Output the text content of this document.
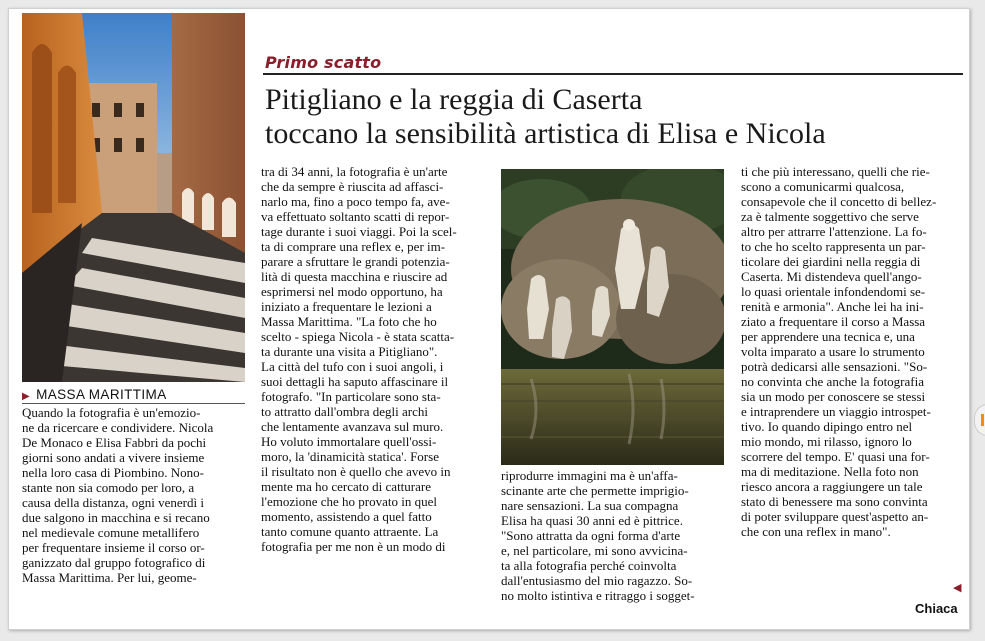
Primo scatto
Pitigliano e la reggia di Caserta
toccano la sensibilità artistica di Elisa e Nicola
▶ MASSA MARITTIMA
Quando la fotografia è un'emozio-
ne da ricercare e condividere. Nicola
De Monaco e Elisa Fabbri da pochi
giorni sono andati a vivere insieme
nella loro casa di Piombino. Nono-
stante non sia comodo per loro, a
causa della distanza, ogni venerdì i
due salgono in macchina e si recano
nel medievale comune metallifero
per frequentare insieme il corso or-
ganizzato dal gruppo fotografico di
Massa Marittima. Per lui, geome-
tra di 34 anni, la fotografia è un'arte
che da sempre è riuscita ad affasci-
narlo ma, fino a poco tempo fa, ave-
va effettuato soltanto scatti di repor-
tage durante i suoi viaggi. Poi la scel-
ta di comprare una reflex e, per im-
parare a sfruttare le grandi potenzia-
lità di questa macchina e riuscire ad
esprimersi nel modo opportuno, ha
iniziato a frequentare le lezioni a
Massa Marittima. "La foto che ho
scelto - spiega Nicola - è stata scatta-
ta durante una visita a Pitigliano".
La città del tufo con i suoi angoli, i
suoi dettagli ha saputo affascinare il
fotografo. "In particolare sono sta-
to attratto dall'ombra degli archi
che lentamente avanzava sul muro.
Ho voluto immortalare quell'ossi-
moro, la 'dinamicità statica'. Forse
il risultato non è quello che avevo in
mente ma ho cercato di catturare
l'emozione che ho provato in quel
momento, assistendo a quel fatto
tanto comune quanto attraente. La
fotografia per me non è un modo di
riprodurre immagini ma è un'affa-
scinante arte che permette imprigio-
nare sensazioni. La sua compagna
Elisa ha quasi 30 anni ed è pittrice.
"Sono attratta da ogni forma d'arte
e, nel particolare, mi sono avvicina-
ta alla fotografia perché coinvolta
dall'entusiasmo del mio ragazzo. So-
no molto istintiva e ritraggo i sogget-
ti che più interessano, quelli che rie-
scono a comunicarmi qualcosa,
consapevole che il concetto di bellez-
za è talmente soggettivo che serve
altro per attrarre l'attenzione. La fo-
to che ho scelto rappresenta un par-
ticolare dei giardini nella reggia di
Caserta. Mi distendeva quell'ango-
lo quasi orientale infondendomi se-
renità e armonia". Anche lei ha ini-
ziato a frequentare il corso a Massa
per apprendere una tecnica e, una
volta imparato a usare lo strumento
potrà dedicarsi alle sensazioni. "So-
no convinta che anche la fotografia
sia un modo per conoscere se stessi
e intraprendere un viaggio introspet-
tivo. Io quando dipingo entro nel
mio mondo, mi rilasso, ignoro lo
scorrere del tempo. E' quasi una for-
ma di meditazione. Nella foto non
riesco ancora a raggiungere un tale
stato di benessere ma sono convinta
di poter sviluppare quest'aspetto an-
che con una reflex in mano".
◀
Chiaca
